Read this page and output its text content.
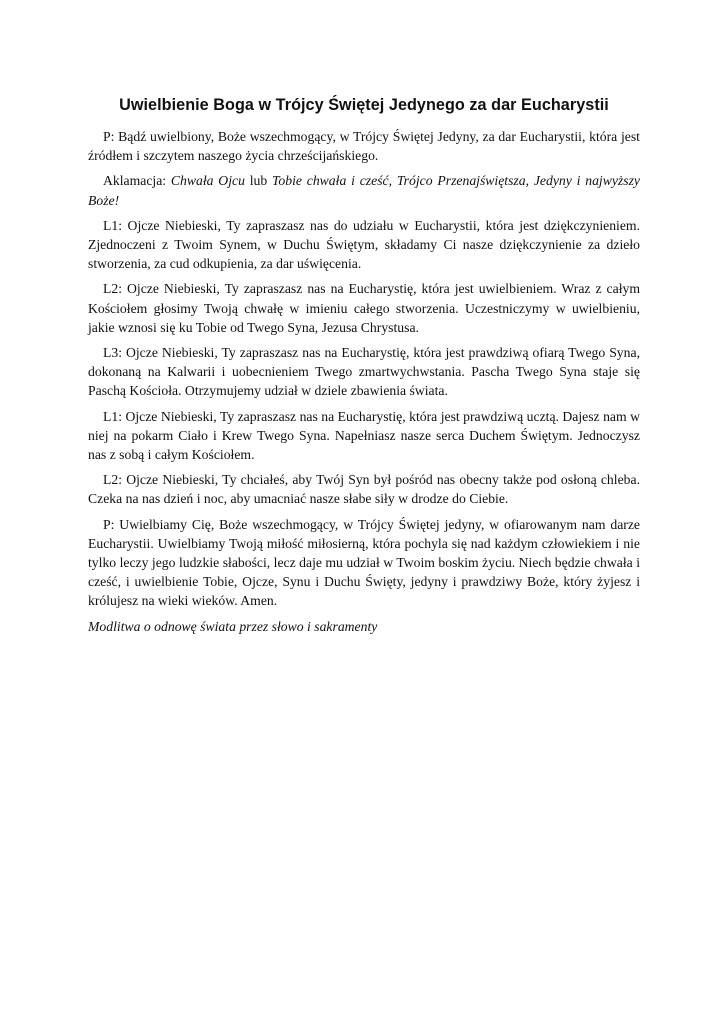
Uwielbienie Boga w Trójcy Świętej Jedynego za dar Eucharystii

P: Bądź uwielbiony, Boże wszechmogący, w Trójcy Świętej Jedyny, za dar Eucharystii, która jest źródłem i szczytem naszego życia chrześcijańskiego.

Aklamacja: Chwała Ojcu lub Tobie chwała i cześć, Trójco Przenajświętsza, Jedyny i najwyższy Boże!

L1: Ojcze Niebieski, Ty zapraszasz nas do udziału w Eucharystii, która jest dziękczynieniem. Zjednoczeni z Twoim Synem, w Duchu Świętym, składamy Ci nasze dziękczynienie za dzieło stworzenia, za cud odkupienia, za dar uświęcenia.

L2: Ojcze Niebieski, Ty zapraszasz nas na Eucharystię, która jest uwielbieniem. Wraz z całym Kościołem głosimy Twoją chwałę w imieniu całego stworzenia. Uczestniczymy w uwielbieniu, jakie wznosi się ku Tobie od Twego Syna, Jezusa Chrystusa.

L3: Ojcze Niebieski, Ty zapraszasz nas na Eucharystię, która jest prawdziwą ofiarą Twego Syna, dokonaną na Kalwarii i uobecnieniem Twego zmartwychwstania. Pascha Twego Syna staje się Paschą Kościoła. Otrzymujemy udział w dziele zbawienia świata.

L1: Ojcze Niebieski, Ty zapraszasz nas na Eucharystię, która jest prawdziwą ucztą. Dajesz nam w niej na pokarm Ciało i Krew Twego Syna. Napełniasz nasze serca Duchem Świętym. Jednoczysz nas z sobą i całym Kościołem.

L2: Ojcze Niebieski, Ty chciałeś, aby Twój Syn był pośród nas obecny także pod osłoną chleba. Czeka na nas dzień i noc, aby umacniać nasze słabe siły w drodze do Ciebie.

P: Uwielbiamy Cię, Boże wszechmogący, w Trójcy Świętej jedyny, w ofiarowanym nam darze Eucharystii. Uwielbiamy Twoją miłość miłosierną, która pochyla się nad każdym człowiekiem i nie tylko leczy jego ludzkie słabości, lecz daje mu udział w Twoim boskim życiu. Niech będzie chwała i cześć, i uwielbienie Tobie, Ojcze, Synu i Duchu Święty, jedyny i prawdziwy Boże, który żyjesz i królujesz na wieki wieków. Amen.

Modlitwa o odnowę świata przez słowo i sakramenty
